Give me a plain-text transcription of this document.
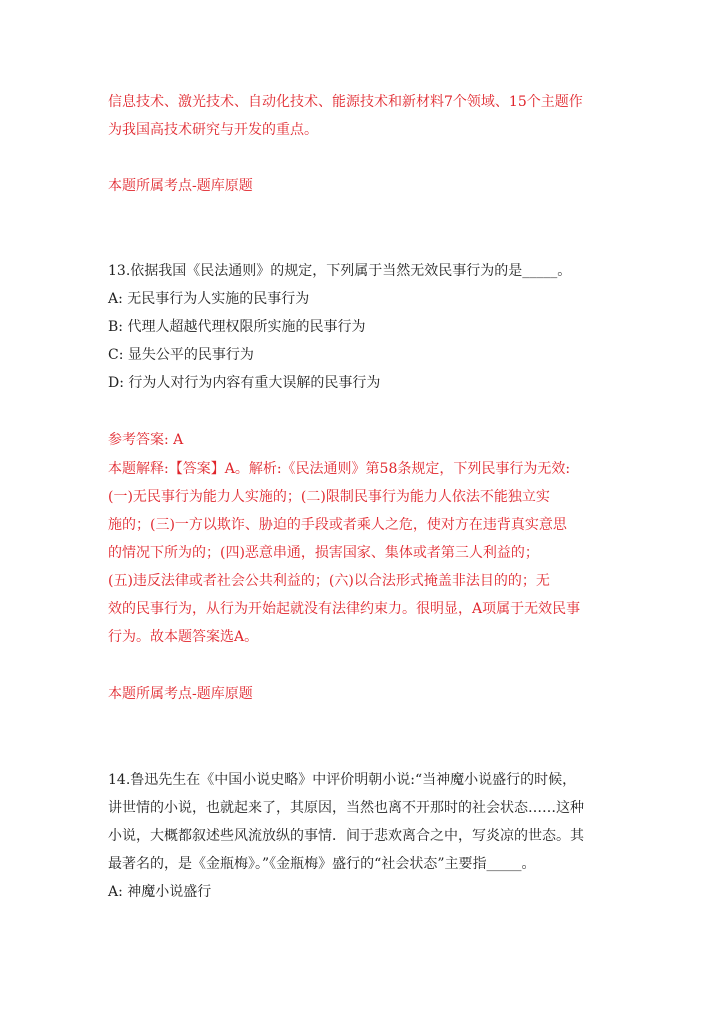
信息技术、激光技术、自动化技术、能源技术和新材料7个领域、15个主题作
为我国高技术研究与开发的重点。
本题所属考点-题库原题
13.依据我国《民法通则》的规定，下列属于当然无效民事行为的是_____。
A: 无民事行为人实施的民事行为
B: 代理人超越代理权限所实施的民事行为
C: 显失公平的民事行为
D: 行为人对行为内容有重大误解的民事行为
参考答案: A
本题解释:【答案】A。解析:《民法通则》第58条规定，下列民事行为无效:
(一)无民事行为能力人实施的；(二)限制民事行为能力人依法不能独立实
施的；(三)一方以欺诈、胁迫的手段或者乘人之危，使对方在违背真实意思
的情况下所为的；(四)恶意串通，损害国家、集体或者第三人利益的；
(五)违反法律或者社会公共利益的；(六)以合法形式掩盖非法目的的；无
效的民事行为，从行为开始起就没有法律约束力。很明显，A项属于无效民事
行为。故本题答案选A。
本题所属考点-题库原题
14.鲁迅先生在《中国小说史略》中评价明朝小说:“当神魔小说盛行的时候，
讲世情的小说，也就起来了，其原因，当然也离不开那时的社会状态……这种
小说，大概都叙述些风流放纵的事情．间于悲欢离合之中，写炎凉的世态。其
最著名的，是《金瓶梅》。”《金瓶梅》盛行的“社会状态”主要指_____。
A: 神魔小说盛行
